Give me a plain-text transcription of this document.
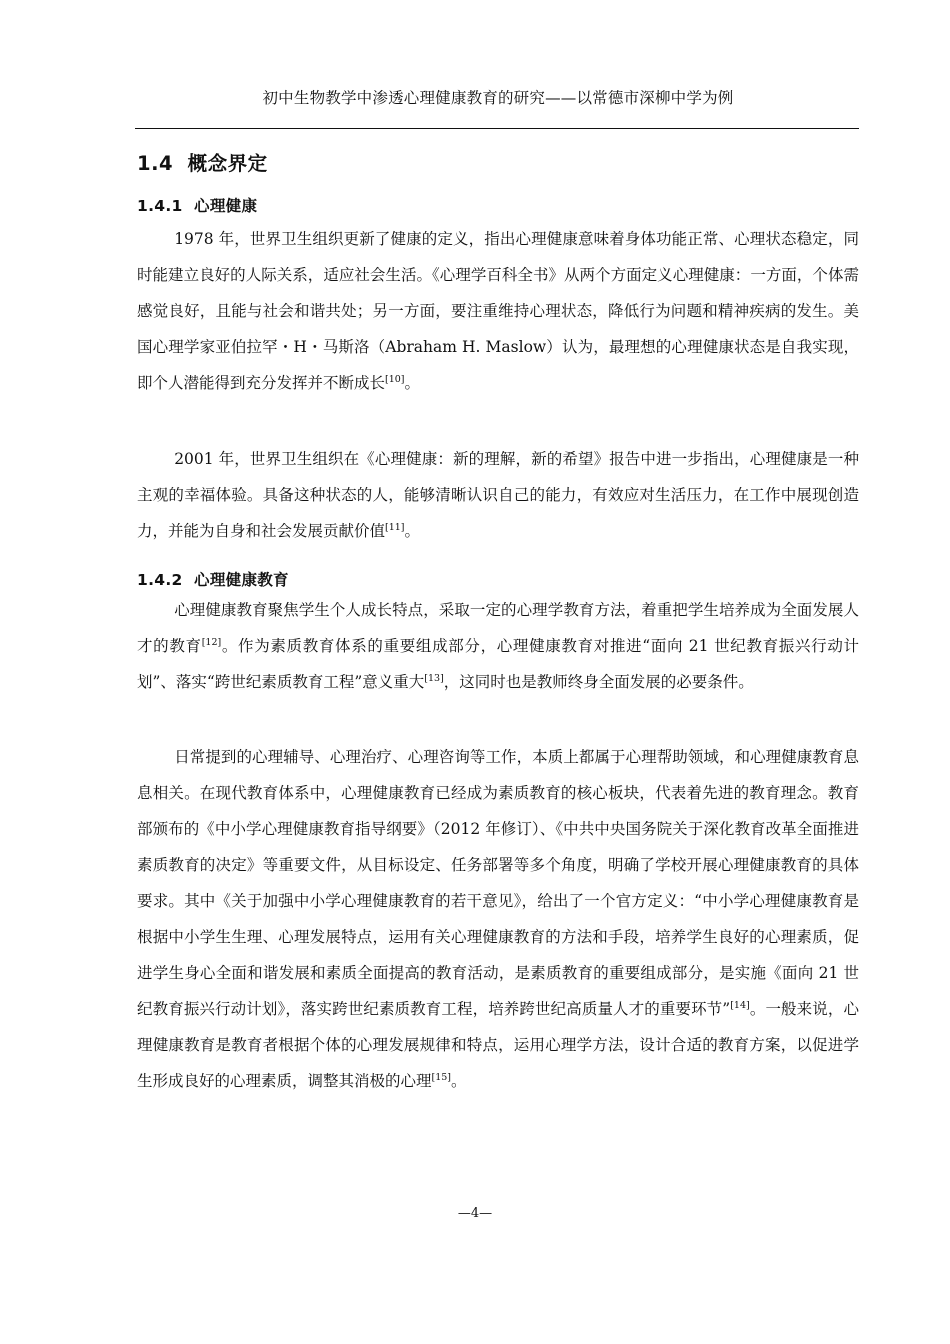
初中生物教学中渗透心理健康教育的研究——以常德市深柳中学为例
1.4 概念界定
1.4.1 心理健康

1978 年，世界卫生组织更新了健康的定义，指出心理健康意味着身体功能正常、心理状态稳定，同时能建立良好的人际关系，适应社会生活。《心理学百科全书》从两个方面定义心理健康：一方面，个体需感觉良好，且能与社会和谐共处；另一方面，要注重维持心理状态，降低行为问题和精神疾病的发生。美国心理学家亚伯拉罕・H・马斯洛（Abraham H. Maslow）认为，最理想的心理健康状态是自我实现，即个人潜能得到充分发挥并不断成长[10]。

2001 年，世界卫生组织在《心理健康：新的理解，新的希望》报告中进一步指出，心理健康是一种主观的幸福体验。具备这种状态的人，能够清晰认识自己的能力，有效应对生活压力，在工作中展现创造力，并能为自身和社会发展贡献价值[11]。

1.4.2 心理健康教育

心理健康教育聚焦学生个人成长特点，采取一定的心理学教育方法，着重把学生培养成为全面发展人才的教育[12]。作为素质教育体系的重要组成部分，心理健康教育对推进“面向 21 世纪教育振兴行动计划”、落实“跨世纪素质教育工程”意义重大[13]，这同时也是教师终身全面发展的必要条件。

日常提到的心理辅导、心理治疗、心理咨询等工作，本质上都属于心理帮助领域，和心理健康教育息息相关。在现代教育体系中，心理健康教育已经成为素质教育的核心板块，代表着先进的教育理念。教育部颁布的《中小学心理健康教育指导纲要》（2012 年修订）、《中共中央国务院关于深化教育改革全面推进素质教育的决定》等重要文件，从目标设定、任务部署等多个角度，明确了学校开展心理健康教育的具体要求。其中《关于加强中小学心理健康教育的若干意见》，给出了一个官方定义：“中小学心理健康教育是根据中小学生生理、心理发展特点，运用有关心理健康教育的方法和手段，培养学生良好的心理素质，促进学生身心全面和谐发展和素质全面提高的教育活动，是素质教育的重要组成部分，是实施《面向 21 世纪教育振兴行动计划》，落实跨世纪素质教育工程，培养跨世纪高质量人才的重要环节”[14]。一般来说，心理健康教育是教育者根据个体的心理发展规律和特点，运用心理学方法，设计合适的教育方案，以促进学生形成良好的心理素质，调整其消极的心理[15]。

—4—
